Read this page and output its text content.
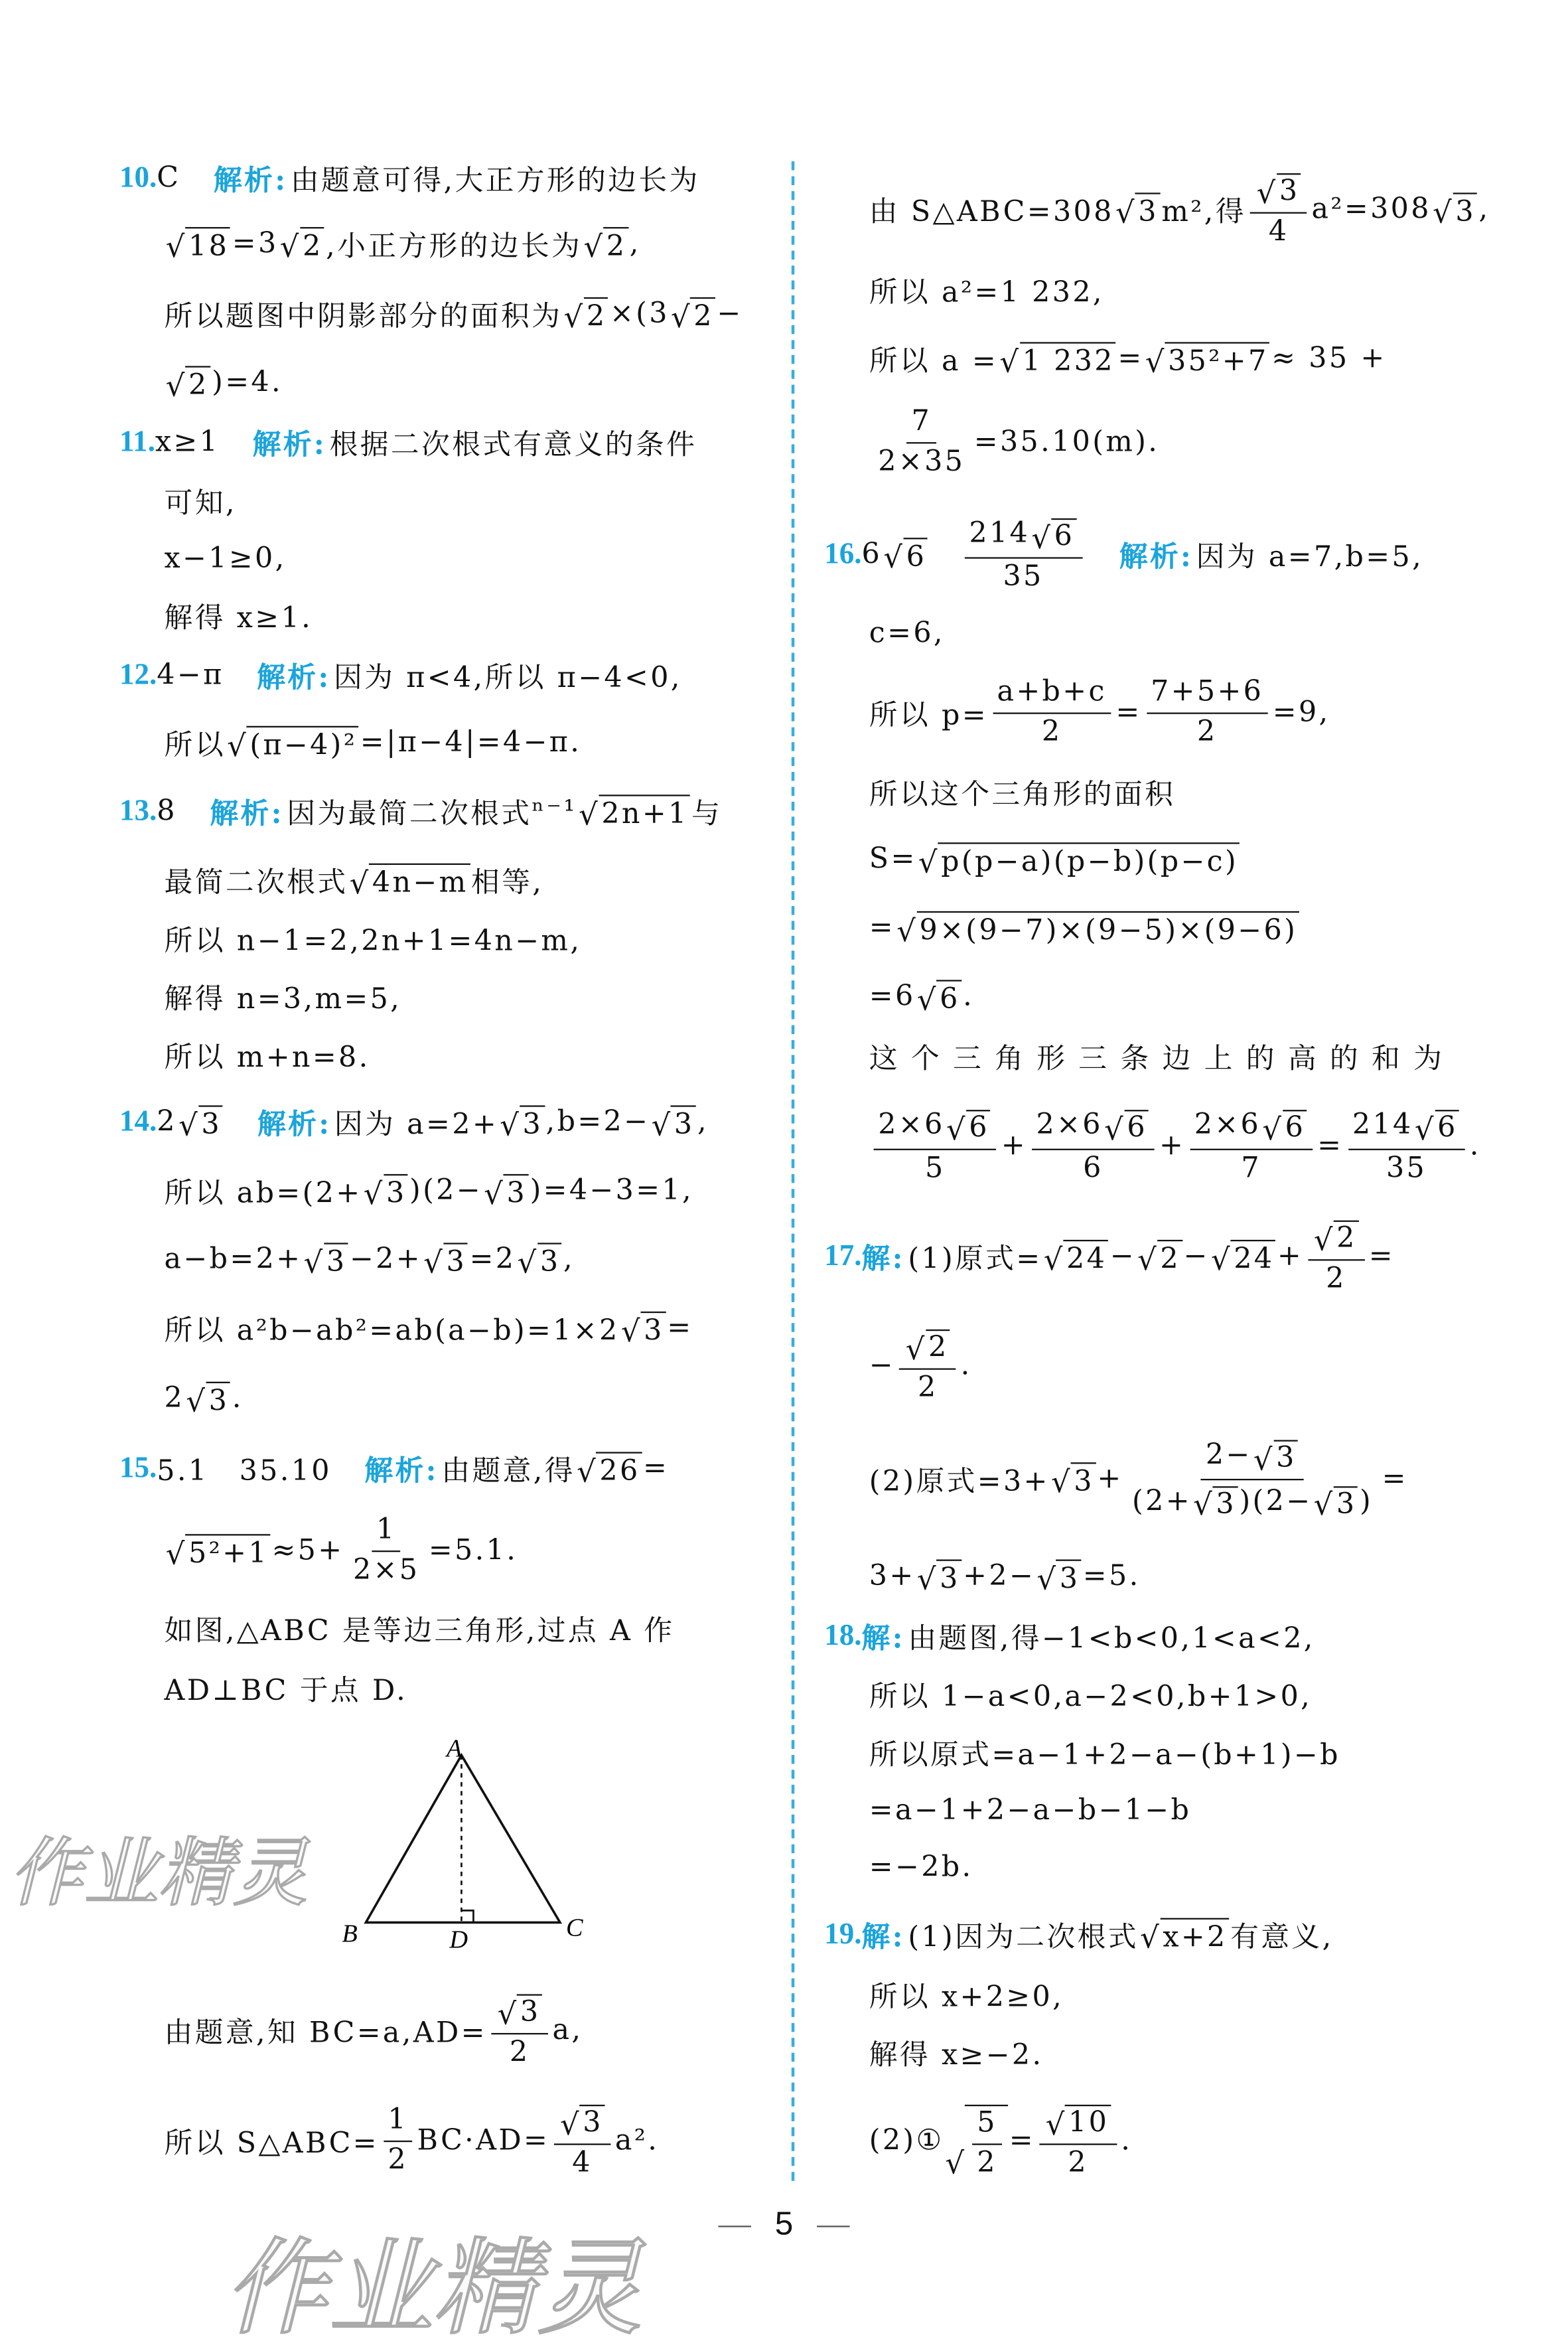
10. C	解析: 由题意可得,大正方形的边长为
√ 18 =3 √ 2 ,小正方形的边长为 √ 2 ,
所以题图中阴影部分的面积为 √ 2 ×(3 √ 2 −
√ 2 )=4.
11. x≥1	解析: 根据二次根式有意义的条件
可知,
x−1≥0,
解得 x≥1.
12. 4−π	解析: 因为 π<4,所以 π−4<0,
所以 √ (π−4)² =|π−4|=4−π.
13. 8	解析: 因为最简二次根式 ⁿ⁻¹ √ 2n+1 与
最简二次根式 √ 4n−m 相等,
所以 n−1=2,2n+1=4n−m,
解得 n=3,m=5,
所以 m+n=8.
14. 2 √ 3	解析: 因为 a=2+ √ 3 ,b=2− √ 3 ,
所以 ab=(2+ √ 3 )(2− √ 3 )=4−3=1,
a−b=2+ √ 3 −2+ √ 3 =2 √ 3 ,
所以 a²b−ab²=ab(a−b)=1×2 √ 3 =
2 √ 3 .
15. 5.1　35.10	解析: 由题意,得 √ 26 =
√ $5^2+1 \approx 5+ \frac{1}{2\times 5} =5.1$.
如图,△ABC 是等边三角形,过点 A 作
AD⊥BC 于点 D.
由题意,知 BC=a,AD= √ $\frac{3}{2} a$,
所以 S△ABC= $\frac{1}{2} BC\cdot AD=$ √ $\frac{3}{4} a^2$.
由 S△ABC=308 √ 3 m²,得 √ $\frac{3}{4} a^2=308$ √ 3 ,
所以 a²=1 232,
所以 a = √ 1 232 = √ 35²+7 ≈ 35 +
$\frac{7}{2\times 35} =35.10(m)$.
16. 6 √ 6
　	$\frac{214 √ 6}{35}$	解析: 因为 a=7,b=5,
c=6,
所以 $p= \frac{a+b+c}{2} = \frac{7+5+6}{2} =9$,
所以这个三角形的面积
S= √ p(p−a)(p−b)(p−c)
= √ 9×(9−7)×(9−5)×(9−6)
=6 √ 6 .
这 个 三 角 形 三 条 边 上 的 高 的 和 为
$\frac{2\times 6 √ 6}{5} + \frac{2\times 6 √ 6}{6} + \frac{2\times 6 √ 6}{7} = \frac{214 √ 6}{35}$ .
17. 解: (1)原式= √ 24 − √ 2 − √ 24 + √ $\frac{2}{2}$ =
− √ $\frac{2}{2}$ .
(2)原式=3+ √ $3 + \frac{2- √ 3}{(2+ √ 3 )(2- √ 3 )}$ =
3+ √ 3 +2− √ 3 =5.
18. 解: 由题图,得−1<b<0,1<a<2,
所以 1−a<0,a−2<0,b+1>0,
所以原式=a−1+2−a−(b+1)−b
=a−1+2−a−b−1−b
=−2b.
19. 解: (1)因为二次根式 √ x+2 有意义,
所以 x+2≥0,
解得 x≥−2.
(2)① √ $\frac{5}{2}$ = √ $\frac{10}{2}$ .
A
B	C
D
作业精灵
作业精灵
5
